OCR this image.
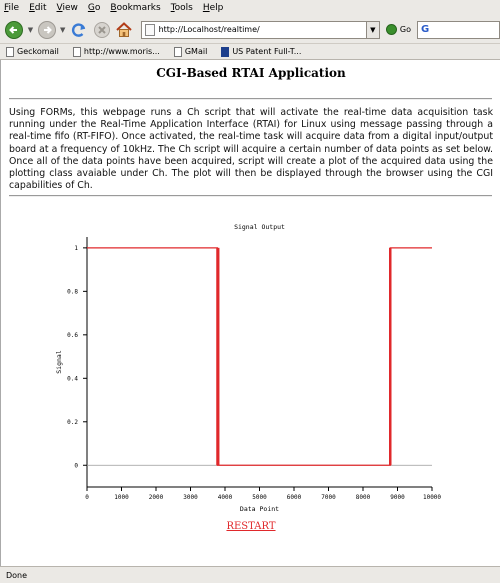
File Edit View Go Bookmarks Tools Help
▼	▼	http://Localhost/realtime/	▼	Go G
Geckomail	http://www.moris...	GMail	US Patent Full-T...
CGI-Based RTAI Application
Using FORMs, this webpage runs a Ch script that will activate the real-time data acquisition task running under the Real-Time Application Interface (RTAI) for Linux using message passing through a real-time fifo (RT-FIFO). Once activated, the real-time task will acquire data from a digital input/output board at a frequency of 10kHz. The Ch script will acquire a certain number of data points as set below. Once all of the data points have been acquired, script will create a plot of the acquired data using the plotting class avaiable under Ch. The plot will then be displayed through the browser using the CGI capabilities of Ch.
Signal Output
0
0.2
0.4
0.6
0.8
1
0	1000	2000	3000	4000	5000	6000	7000	8000	9000	10000
Data Point
Signal
RESTART
Done
